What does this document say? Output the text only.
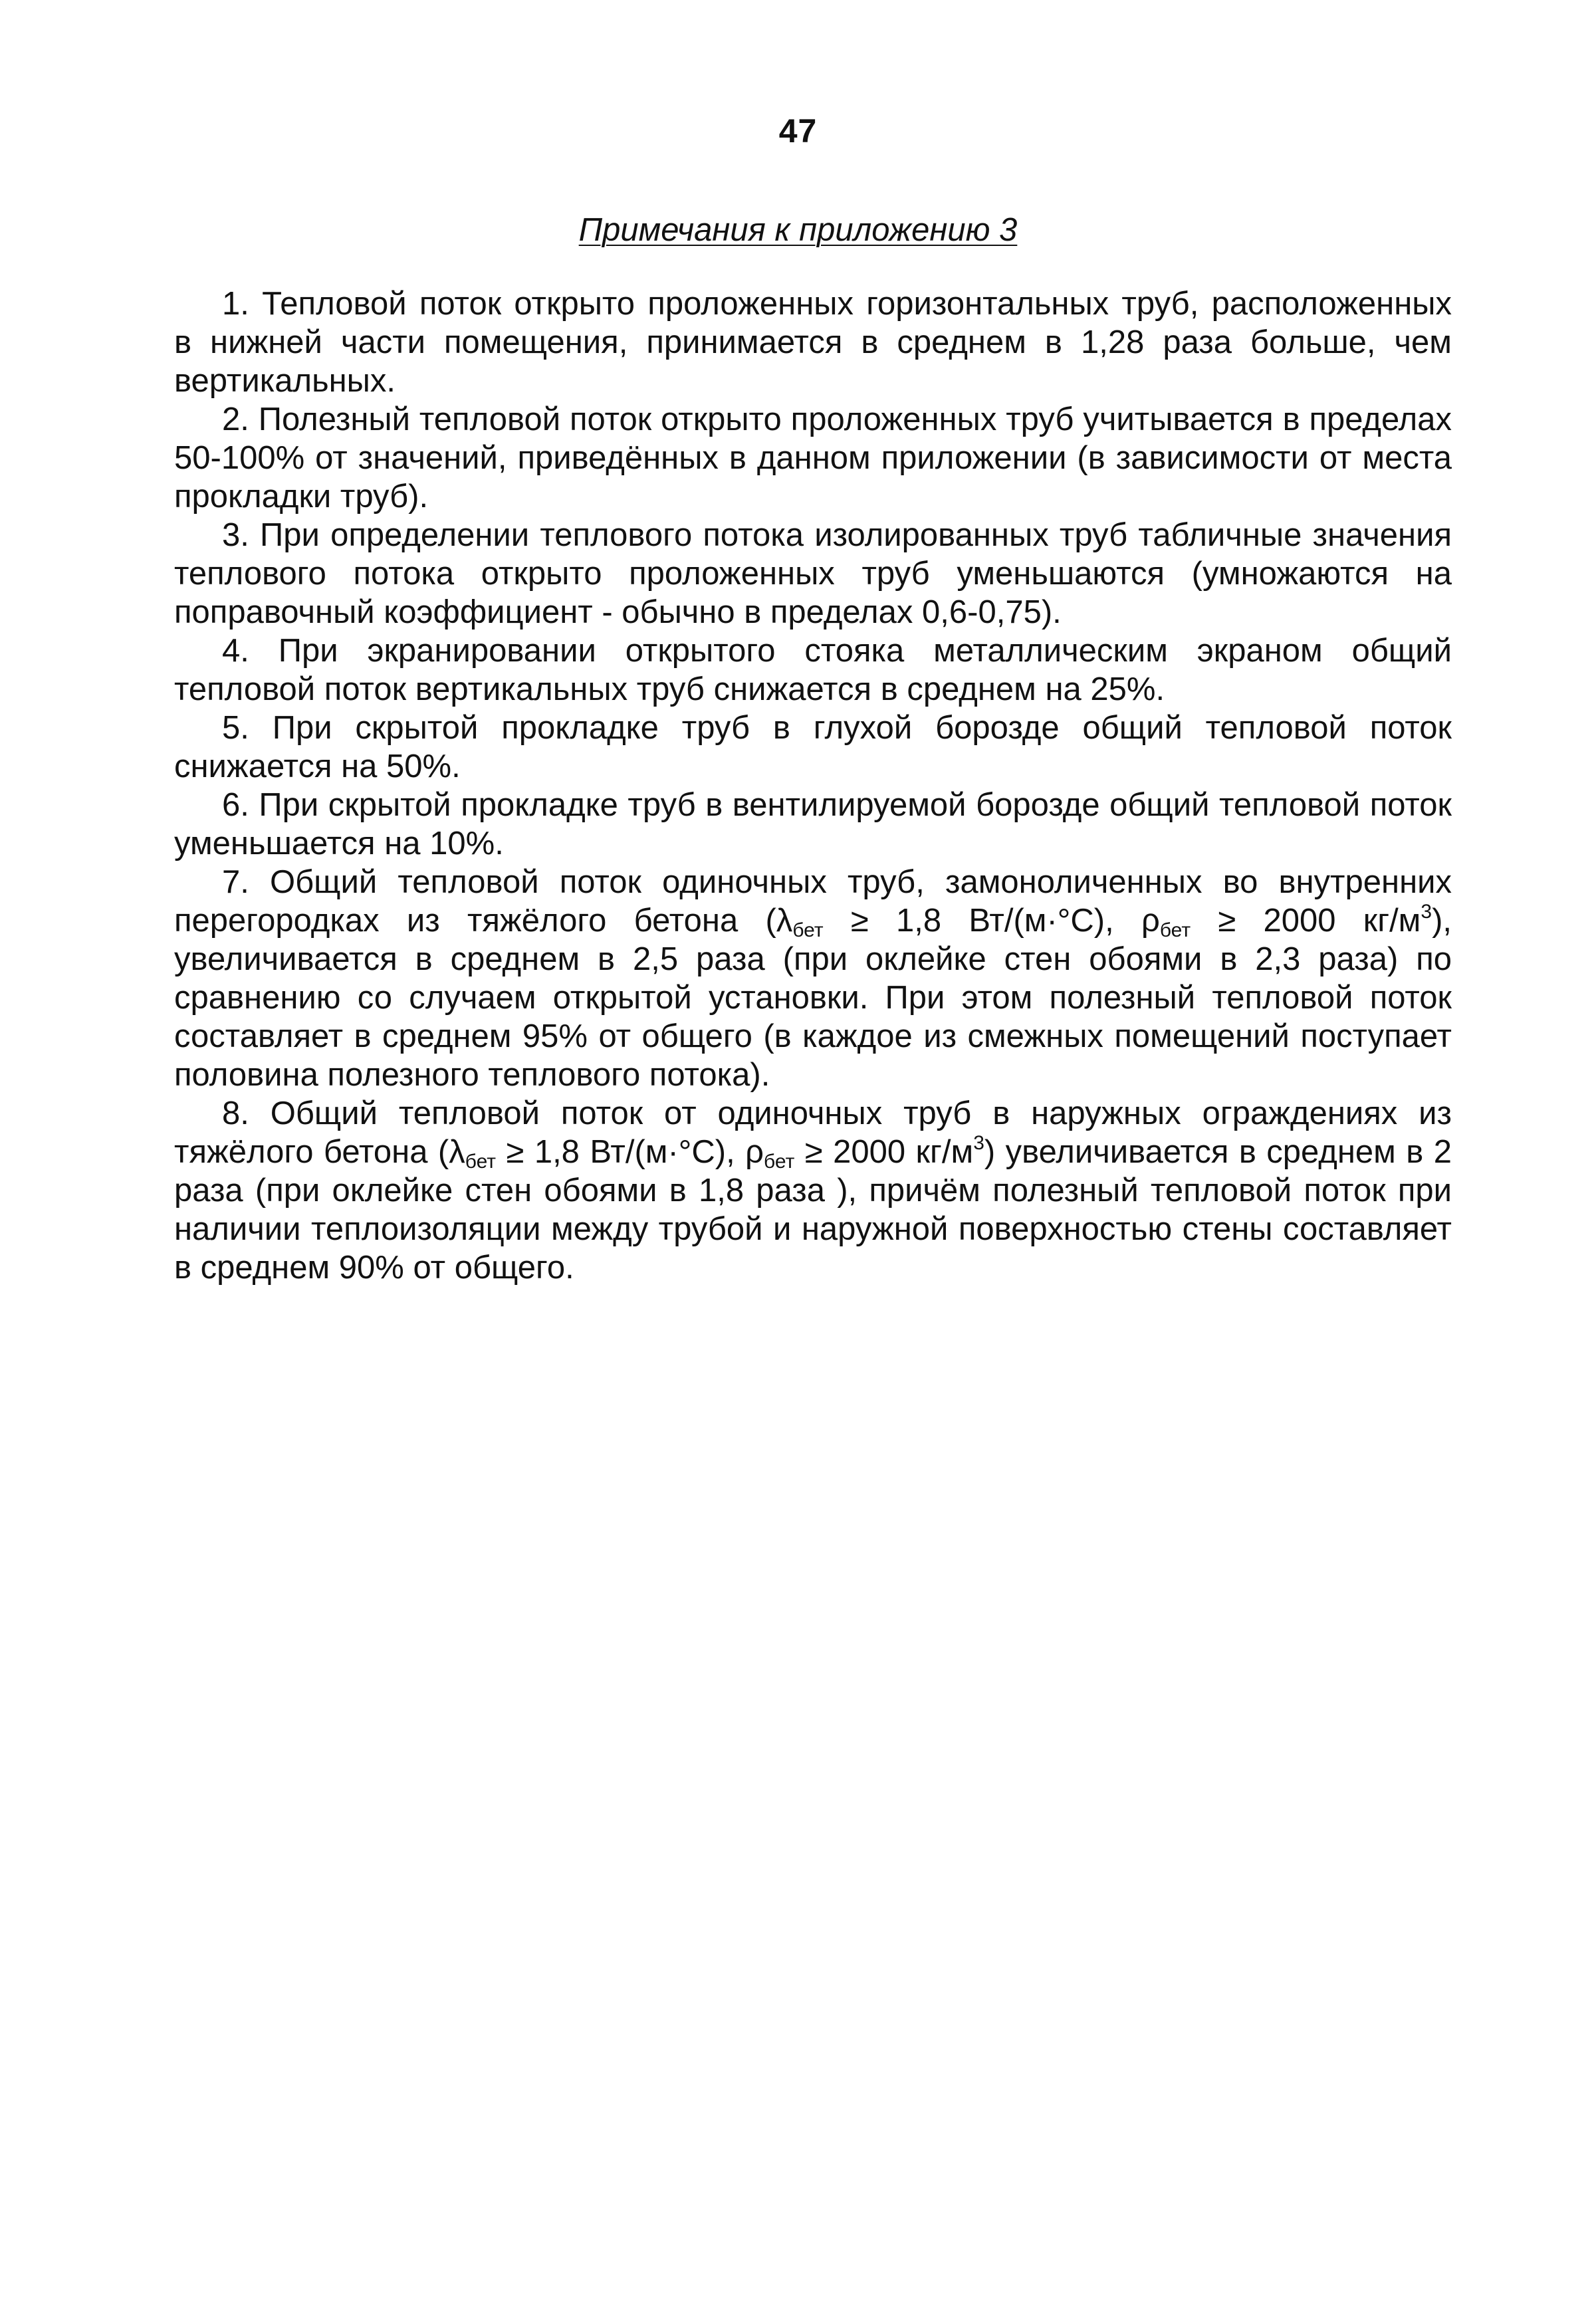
47
Примечания к приложению 3

1. Тепловой поток открыто проложенных горизонтальных труб, расположенных в нижней части помещения, принимается в среднем в 1,28 раза больше, чем вертикальных.

2. Полезный тепловой поток открыто проложенных труб учитывается в пределах 50-100% от значений, приведённых в данном приложении (в зависимости от места прокладки труб).

3. При определении теплового потока изолированных труб табличные значения теплового потока открыто проложенных труб уменьшаются (умножаются на поправочный коэффициент - обычно в пределах 0,6-0,75).

4. При экранировании открытого стояка металлическим экраном общий тепловой поток вертикальных труб снижается в среднем на 25%.

5. При скрытой прокладке труб в глухой борозде общий тепловой поток снижается на 50%.

6. При скрытой прокладке труб в вентилируемой борозде общий тепловой поток уменьшается на 10%.

7. Общий тепловой поток одиночных труб, замоноличенных во внутренних перегородках из тяжёлого бетона ($\lambda_{бет} \ge 1,8$ Вт/(м·°С), $\rho_{бет} \ge 2000$ $кг/м^3$), увеличивается в среднем в 2,5 раза (при оклейке стен обоями в 2,3 раза) по сравнению со случаем открытой установки. При этом полезный тепловой поток составляет в среднем 95% от общего (в каждое из смежных помещений поступает половина полезного теплового потока).

8. Общий тепловой поток от одиночных труб в наружных ограждениях из тяжёлого бетона ($\lambda_{бет} \ge 1,8$ Вт/(м·°С), $\rho_{бет} \ge 2000$ $кг/м^3$) увеличивается в среднем в 2 раза (при оклейке стен обоями в 1,8 раза ), причём полезный тепловой поток при наличии теплоизоляции между трубой и наружной поверхностью стены составляет в среднем 90% от общего.
